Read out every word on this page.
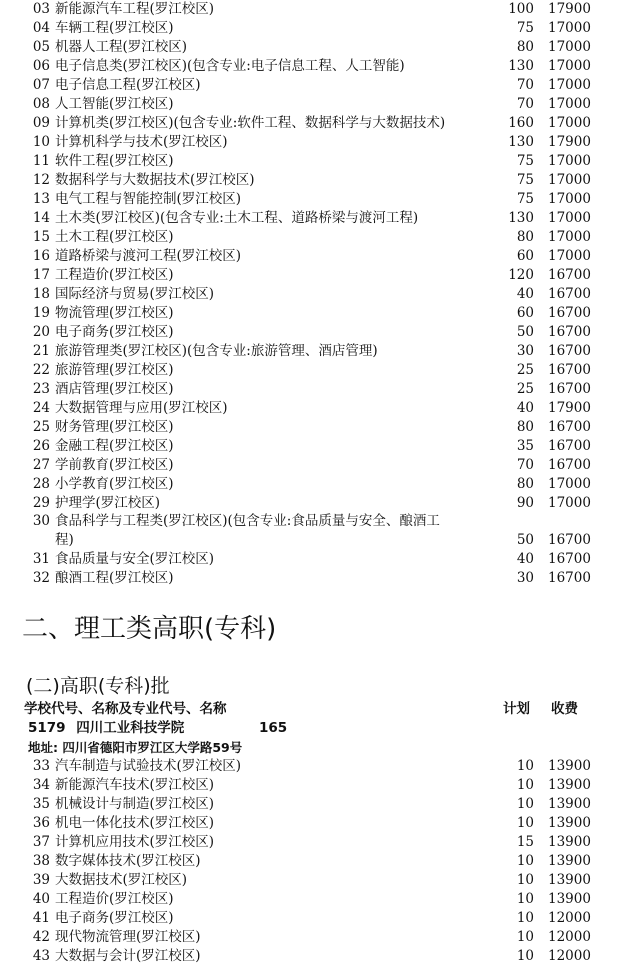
03 新能源汽车工程(罗江校区)	100 17900
04 车辆工程(罗江校区)	75 17000
05 机器人工程(罗江校区)	80 17000
06 电子信息类(罗江校区)(包含专业:电子信息工程、人工智能)	130 17000
07 电子信息工程(罗江校区)	70 17000
08 人工智能(罗江校区)	70 17000
09 计算机类(罗江校区)(包含专业:软件工程、数据科学与大数据技术)	160 17000
10 计算机科学与技术(罗江校区)	130 17900
11 软件工程(罗江校区)	75 17000
12 数据科学与大数据技术(罗江校区)	75 17000
13 电气工程与智能控制(罗江校区)	75 17000
14 土木类(罗江校区)(包含专业:土木工程、道路桥梁与渡河工程)	130 17000
15 土木工程(罗江校区)	80 17000
16 道路桥梁与渡河工程(罗江校区)	60 17000
17 工程造价(罗江校区)	120 16700
18 国际经济与贸易(罗江校区)	40 16700
19 物流管理(罗江校区)	60 16700
20 电子商务(罗江校区)	50 16700
21 旅游管理类(罗江校区)(包含专业:旅游管理、酒店管理)	30 16700
22 旅游管理(罗江校区)	25 16700
23 酒店管理(罗江校区)	25 16700
24 大数据管理与应用(罗江校区)	40 17900
25 财务管理(罗江校区)	80 16700
26 金融工程(罗江校区)	35 16700
27 学前教育(罗江校区)	70 16700
28 小学教育(罗江校区)	80 17000
29 护理学(罗江校区)	90 17000
30 食品科学与工程类(罗江校区)(包含专业:食品质量与安全、酿酒工
程)	50 16700
31 食品质量与安全(罗江校区)	40 16700
32 酿酒工程(罗江校区)	30 16700
二、理工类高职(专科)
(二)高职(专科)批
学校代号、名称及专业代号、名称	计划 收费
5179 四川工业科技学院	165
地址: 四川省德阳市罗江区大学路59号
33 汽车制造与试验技术(罗江校区)	10 13900
34 新能源汽车技术(罗江校区)	10 13900
35 机械设计与制造(罗江校区)	10 13900
36 机电一体化技术(罗江校区)	10 13900
37 计算机应用技术(罗江校区)	15 13900
38 数字媒体技术(罗江校区)	10 13900
39 大数据技术(罗江校区)	10 13900
40 工程造价(罗江校区)	10 13900
41 电子商务(罗江校区)	10 12000
42 现代物流管理(罗江校区)	10 12000
43 大数据与会计(罗江校区)	10 12000
